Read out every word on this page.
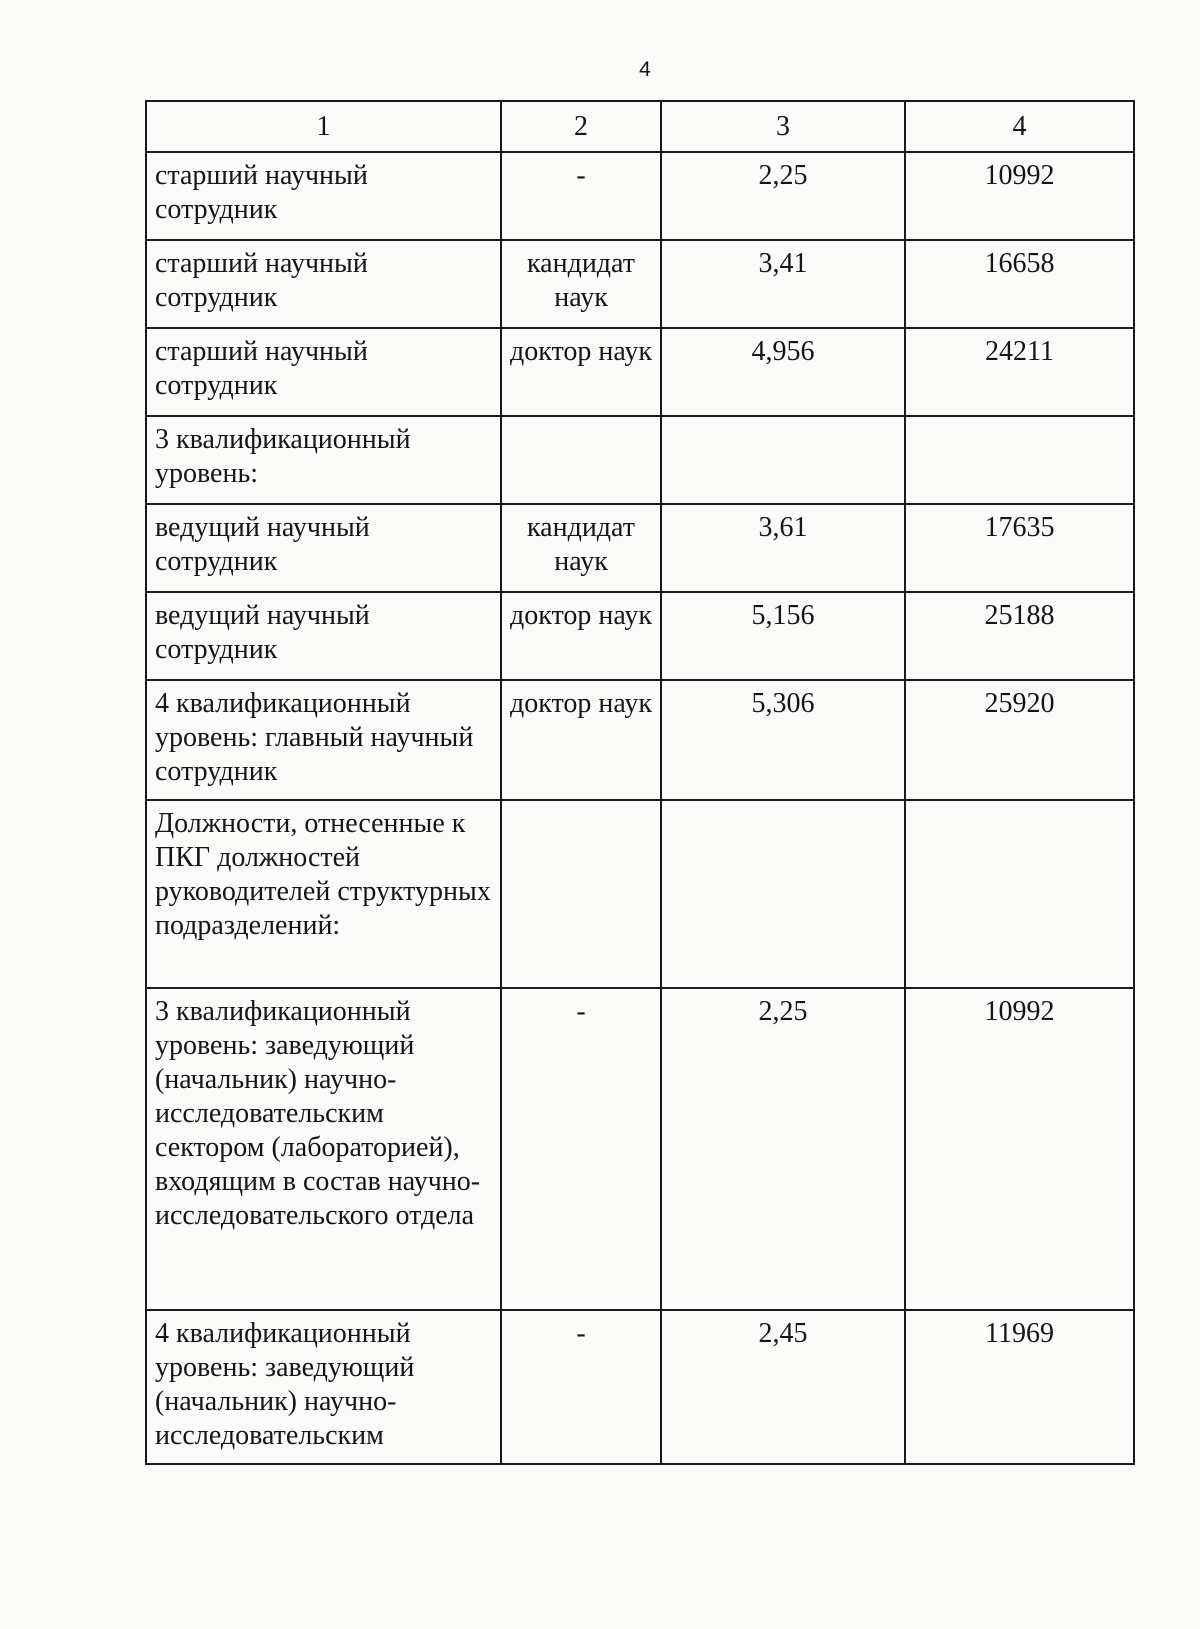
4
1	2	3	4
старший научный сотрудник	-	2,25	10992
старший научный сотрудник	кандидат наук	3,41	16658
старший научный сотрудник	доктор наук	4,956	24211
3 квалификационный уровень:			
ведущий научный сотрудник	кандидат наук	3,61	17635
ведущий научный сотрудник	доктор наук	5,156	25188
4 квалификационный уровень: главный научный сотрудник	доктор наук	5,306	25920
Должности, отнесенные к ПКГ должностей руководителей структурных подразделений:			
3 квалификационный уровень: заведующий (начальник) научно-исследовательским сектором (лабораторией), входящим в состав научно-исследовательского отдела	-	2,25	10992
4 квалификационный уровень: заведующий (начальник) научно-исследовательским	-	2,45	11969
